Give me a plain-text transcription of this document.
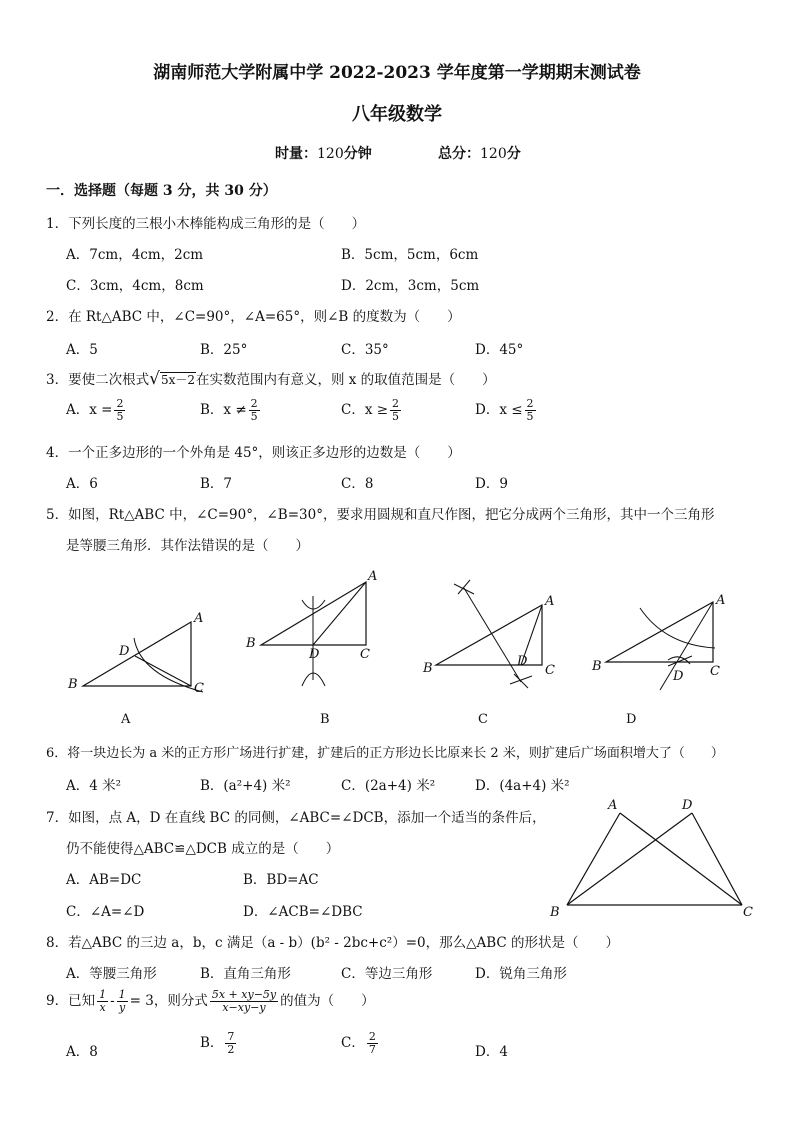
湖南师范大学附属中学 2022-2023 学年度第一学期期末测试卷
八年级数学
时量：120分钟	总分：120分
一．选择题（每题 3 分，共 30 分）
1．下列长度的三根小木棒能构成三角形的是（　　）
A．7cm，4cm，2cm	B．5cm，5cm，6cm
C．3cm，4cm，8cm	D．2cm，3cm，5cm
2．在 Rt△ABC 中，∠C=90°，∠A=65°，则∠B 的度数为（　　）
A．5	B．25°	C．35°	D．45°
3．要使二次根式√5x－2在实数范围内有意义，则 x 的取值范围是（　　）
A．$x = \frac{2}{5}$	B．$x \ne \frac{2}{5}$	C．$x \ge \frac{2}{5}$	D．$x \le \frac{2}{5}$
4．一个正多边形的一个外角是 45°，则该正多边形的边数是（　　）
A．6	B．7	C．8	D．9
5．如图，Rt△ABC 中，∠C=90°，∠B=30°，要求用圆规和直尺作图，把它分成两个三角形，其中一个三角形
是等腰三角形．其作法错误的是（　　）
A
D
B	C
A
B
D	C
A
B	D
C
A
B
D C
A	B	C	D
6．将一块边长为 a 米的正方形广场进行扩建，扩建后的正方形边长比原来长 2 米，则扩建后广场面积增大了（　　）
A．4 米²	B．(a²+4) 米²	C．(2a+4) 米²	D．(4a+4) 米²
7．如图，点 A，D 在直线 BC 的同侧，∠ABC=∠DCB，添加一个适当的条件后，
仍不能使得△ABC≌△DCB 成立的是（　　）
A．AB=DC	B．BD=AC
C．∠A=∠D	D．∠ACB=∠DBC
A	D
B	C
8．若△ABC 的三边 a，b，c 满足（a - b）(b² - 2bc+c²）=0，那么△ABC 的形状是（　　）
A．等腰三角形	B．直角三角形	C．等边三角形	D．锐角三角形
9．已知 $\frac{1}{x} - \frac{1}{y} = 3$，则分式 $\frac{5x + xy-5y}{x-xy-y}$ 的值为（　　）
A．8
B． $\frac{7}{2}$	C． $\frac{2}{7}$	D．4
